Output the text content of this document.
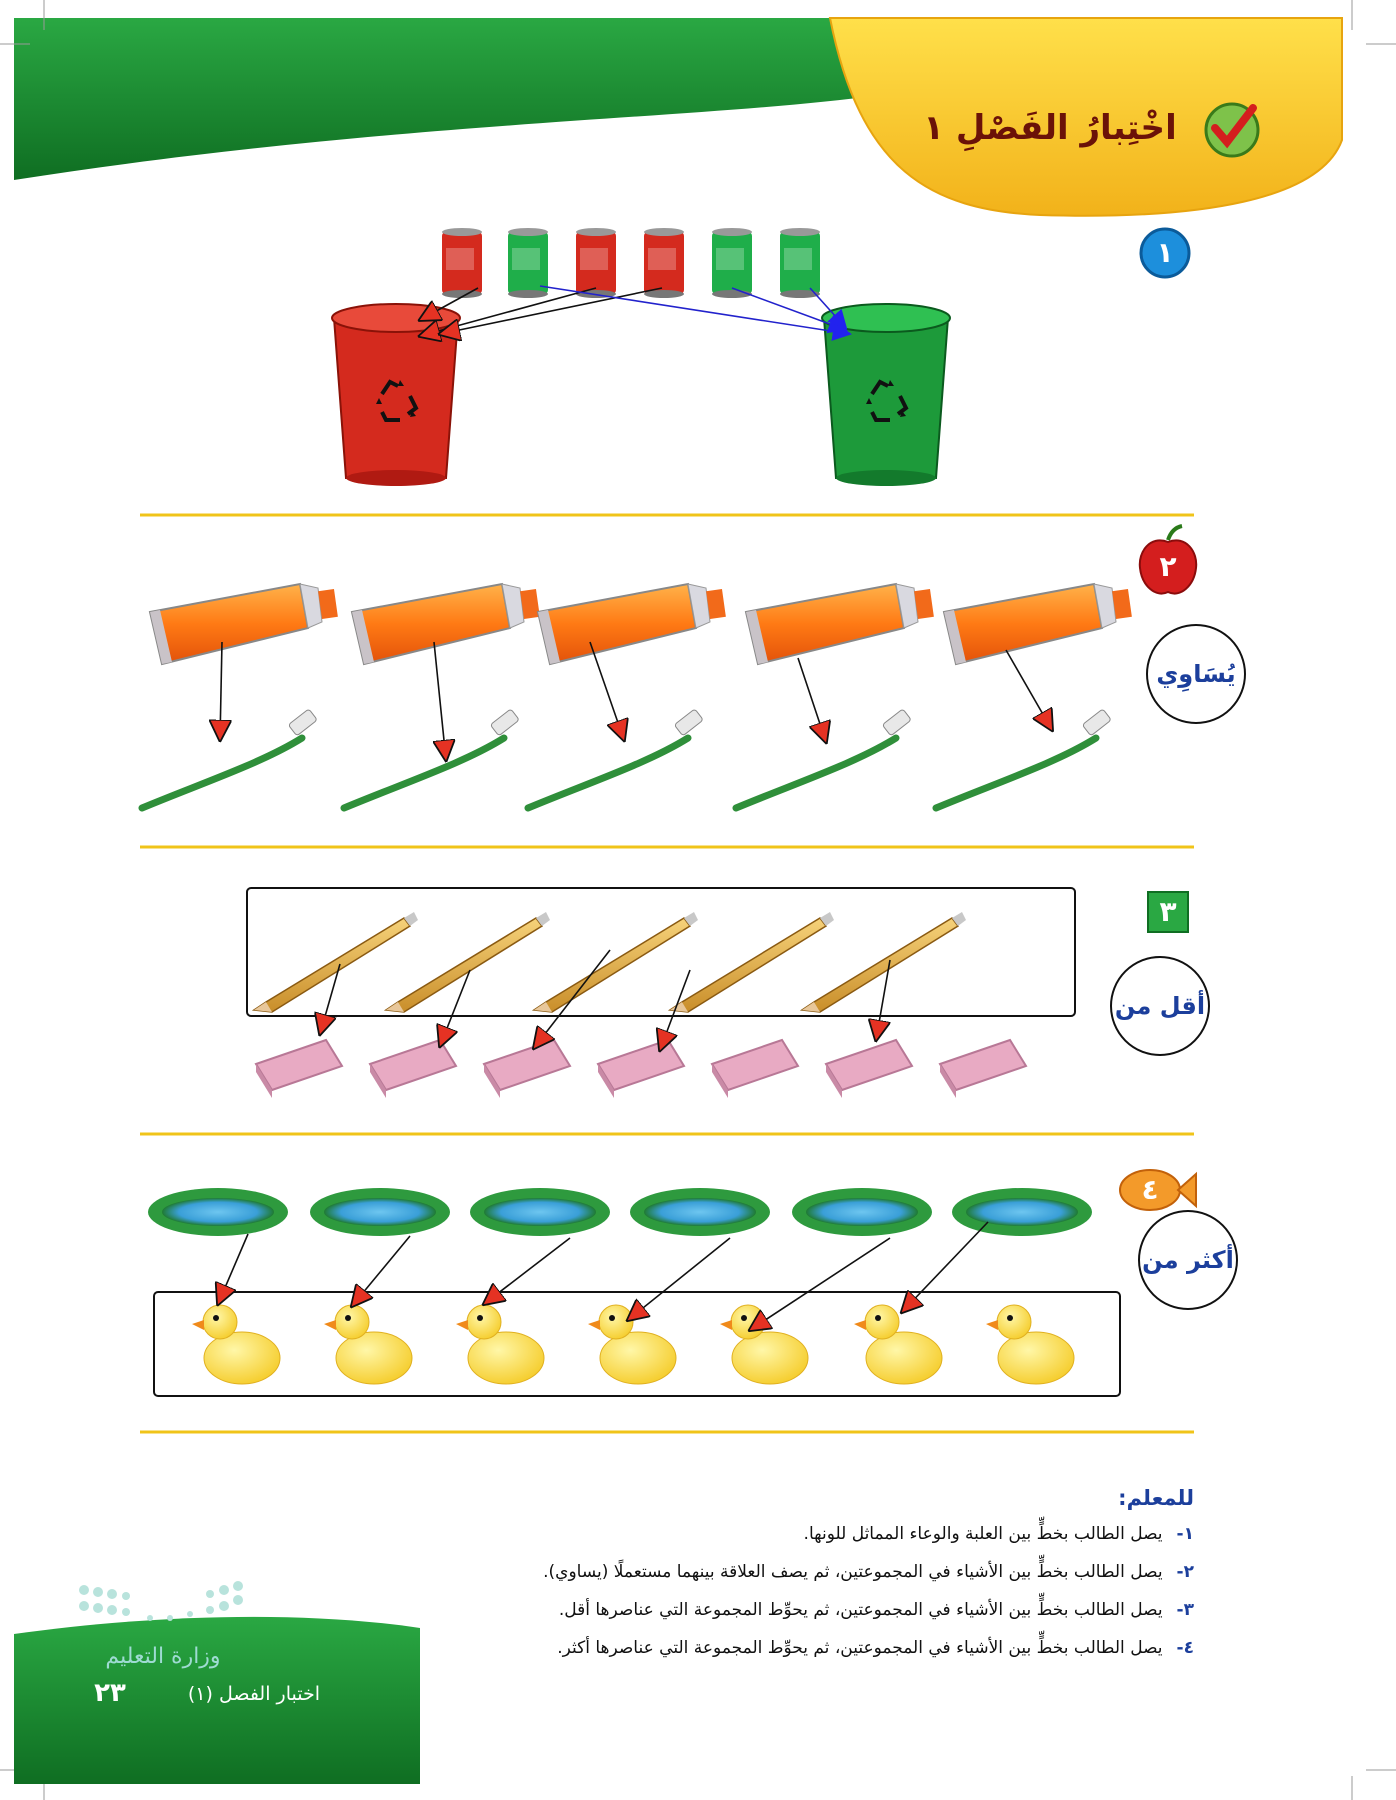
اخْتِبارُ الفَصْلِ ١
١
٢
٣
٤
يُسَاوِي
أقل من
أكثر من
للمعلم:
١-يصل الطالب بخطٍّ بين العلبة والوعاء المماثل للونها.
٢-يصل الطالب بخطٍّ بين الأشياء في المجموعتين، ثم يصف العلاقة بينهما مستعملًا (يساوي).
٣-يصل الطالب بخطٍّ بين الأشياء في المجموعتين، ثم يحوِّط المجموعة التي عناصرها أقل.
٤-يصل الطالب بخطٍّ بين الأشياء في المجموعتين، ثم يحوِّط المجموعة التي عناصرها أكثر.
وزارة التعليم
اختبار الفصل (١)
٢٣
